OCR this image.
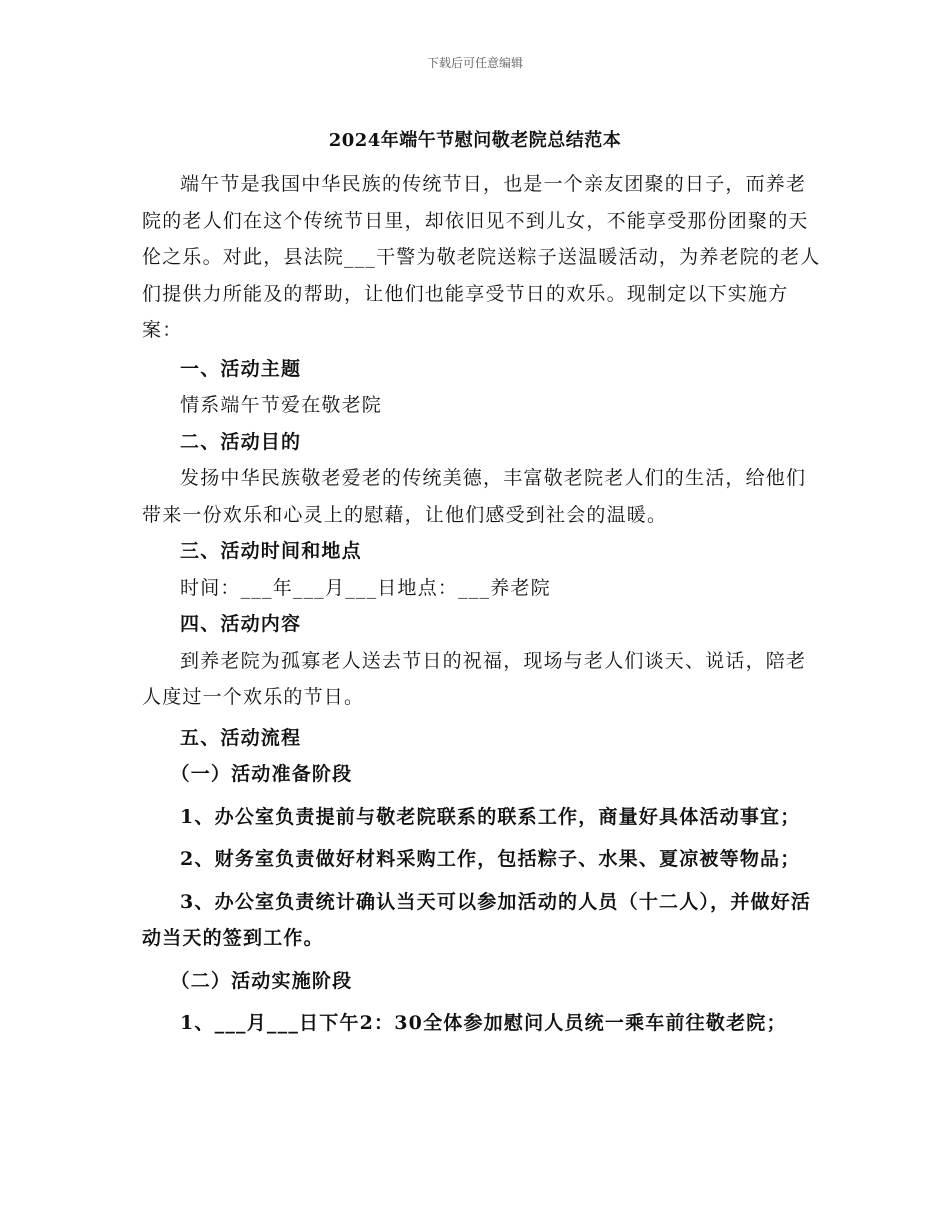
下载后可任意编辑
2024年端午节慰问敬老院总结范本

端午节是我国中华民族的传统节日，也是一个亲友团聚的日子，而养老院的老人们在这个传统节日里，却依旧见不到儿女，不能享受那份团聚的天伦之乐。对此，县法院___干警为敬老院送粽子送温暖活动，为养老院的老人们提供力所能及的帮助，让他们也能享受节日的欢乐。现制定以下实施方案：

一、活动主题

情系端午节爱在敬老院

二、活动目的

发扬中华民族敬老爱老的传统美德，丰富敬老院老人们的生活，给他们带来一份欢乐和心灵上的慰藉，让他们感受到社会的温暖。

三、活动时间和地点

时间：___年___月___日地点：___养老院

四、活动内容

到养老院为孤寡老人送去节日的祝福，现场与老人们谈天、说话，陪老人度过一个欢乐的节日。

五、活动流程

（一）活动准备阶段

1、办公室负责提前与敬老院联系的联系工作，商量好具体活动事宜；

2、财务室负责做好材料采购工作，包括粽子、水果、夏凉被等物品；

3、办公室负责统计确认当天可以参加活动的人员（十二人），并做好活动当天的签到工作。

（二）活动实施阶段

1、___月___日下午2：30全体参加慰问人员统一乘车前往敬老院；
